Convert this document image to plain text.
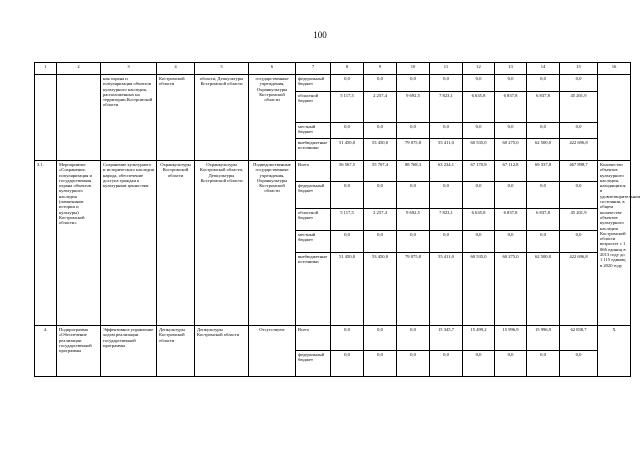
100
1	2	3	4	5	6	7	8	9	10	11	12	13	14	15	16
		ная охрана и популяризация объектов культурного наследия, расположенных на территории Костромской области	Костромской области	области, Депкультуры Костромской области	государственные учреждения, Охранкультуры Костромской области	федеральный бюджет	0,0	0,0	0,0	0,0	0,0	0,0	0,0	0,0	
						областной бюджет	5 117,5	2 257,4	9 692,5	7 823,1	6 635,8	6 837,8	6 837,8	45 201,9	
						местный бюджет	0,0	0,0	0,0	0,0	0,0	0,0	0,0	0,0	
						внебюджетные источники	51 450,0	53 450,0	79 075,8	55 411,0	60 535,0	60 275,0	62 500,0	422 696,8	
3.1.	Мероприятие «Сохранение, популяризация и государственная охрана объектов культурного наследия (памятников истории и культуры) Костромской области»	Сохранение культурного и исторического наследия народа, обеспечение доступа граждан к культурным ценностям	Охранкультуры Костромской области	Охранкультуры Костромской области, Депкультуры Костромской области	Подведомственные государственные учреждения, Охранкультуры Костромской области	Всего	56 567,5	55 707,4	88 768,3	63 234,1	67 170,8	67 112,8	69 337,8	467 898,7	Количество объектов культурного наследия, находящихся в удовлетворительном состоянии, в общем количестве объектов культурного наследия Костромской области возрастет с 1 066 единиц в 2013 году до 1 115 единиц в 2020 году
						федеральный бюджет	0,0	0,0	0,0	0,0	0,0	0,0	0,0	0,0	
						областной бюджет	5 117,5	2 257,4	9 692,5	7 823,1	6 635,8	6 837,8	6 837,8	45 201,9	
						местный бюджет	0,0	0,0	0,0	0,0	0,0	0,0	0,0	0,0	
						внебюджетные источники	51 450,0	53 450,0	79 075,8	55 411,0	60 535,0	60 275,0	62 500,0	422 696,8	
4.	Подпрограмма «Обеспечение реализации государственной программы	Эффективное управление ходом реализации государственной программы	Депкультуры Костромской области	Депкультуры Костромской области	Отсутствуют	Всего	0,0	0,0	0,0	15 345,7	15 499,2	15 996,9	15 996,9	62 838,7	X
						федеральный бюджет	0,0	0,0	0,0	0,0	0,0	0,0	0,0	0,0	
